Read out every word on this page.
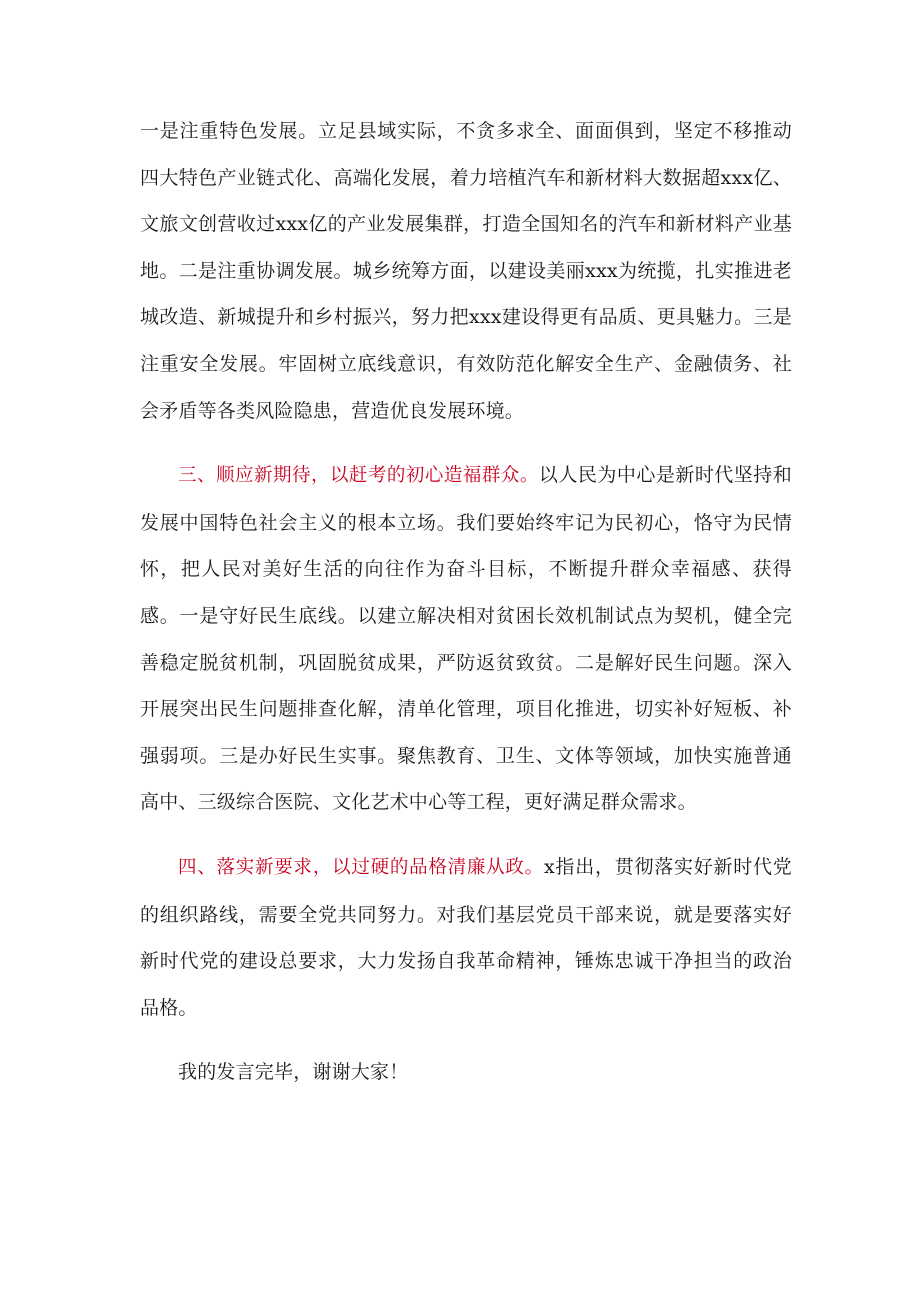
一是注重特色发展。立足县域实际，不贪多求全、面面俱到，坚定不移推动四大特色产业链式化、高端化发展，着力培植汽车和新材料大数据超xxx亿、文旅文创营收过xxx亿的产业发展集群，打造全国知名的汽车和新材料产业基地。二是注重协调发展。城乡统筹方面，以建设美丽xxx为统揽，扎实推进老城改造、新城提升和乡村振兴，努力把xxx建设得更有品质、更具魅力。三是注重安全发展。牢固树立底线意识，有效防范化解安全生产、金融债务、社会矛盾等各类风险隐患，营造优良发展环境。

三、顺应新期待，以赶考的初心造福群众。以人民为中心是新时代坚持和发展中国特色社会主义的根本立场。我们要始终牢记为民初心，恪守为民情怀，把人民对美好生活的向往作为奋斗目标，不断提升群众幸福感、获得感。一是守好民生底线。以建立解决相对贫困长效机制试点为契机，健全完善稳定脱贫机制，巩固脱贫成果，严防返贫致贫。二是解好民生问题。深入开展突出民生问题排查化解，清单化管理，项目化推进，切实补好短板、补强弱项。三是办好民生实事。聚焦教育、卫生、文体等领域，加快实施普通高中、三级综合医院、文化艺术中心等工程，更好满足群众需求。

四、落实新要求，以过硬的品格清廉从政。x指出，贯彻落实好新时代党的组织路线，需要全党共同努力。对我们基层党员干部来说，就是要落实好新时代党的建设总要求，大力发扬自我革命精神，锤炼忠诚干净担当的政治品格。

我的发言完毕，谢谢大家！
